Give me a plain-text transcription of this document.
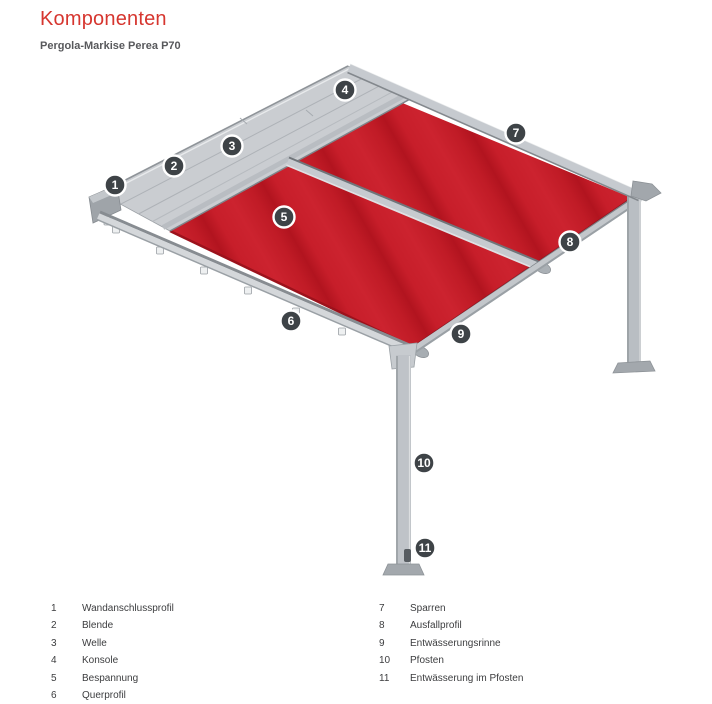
Komponenten
Pergola-Markise Perea P70
1
2
3
4
5
6
7
8
9
10
11
1	Wandanschlussprofil
2	Blende
3	Welle
4	Konsole
5	Bespannung
6	Querprofil
7	Sparren
8	Ausfallprofil
9	Entwässerungsrinne
10	Pfosten
11	Entwässerung im Pfosten
